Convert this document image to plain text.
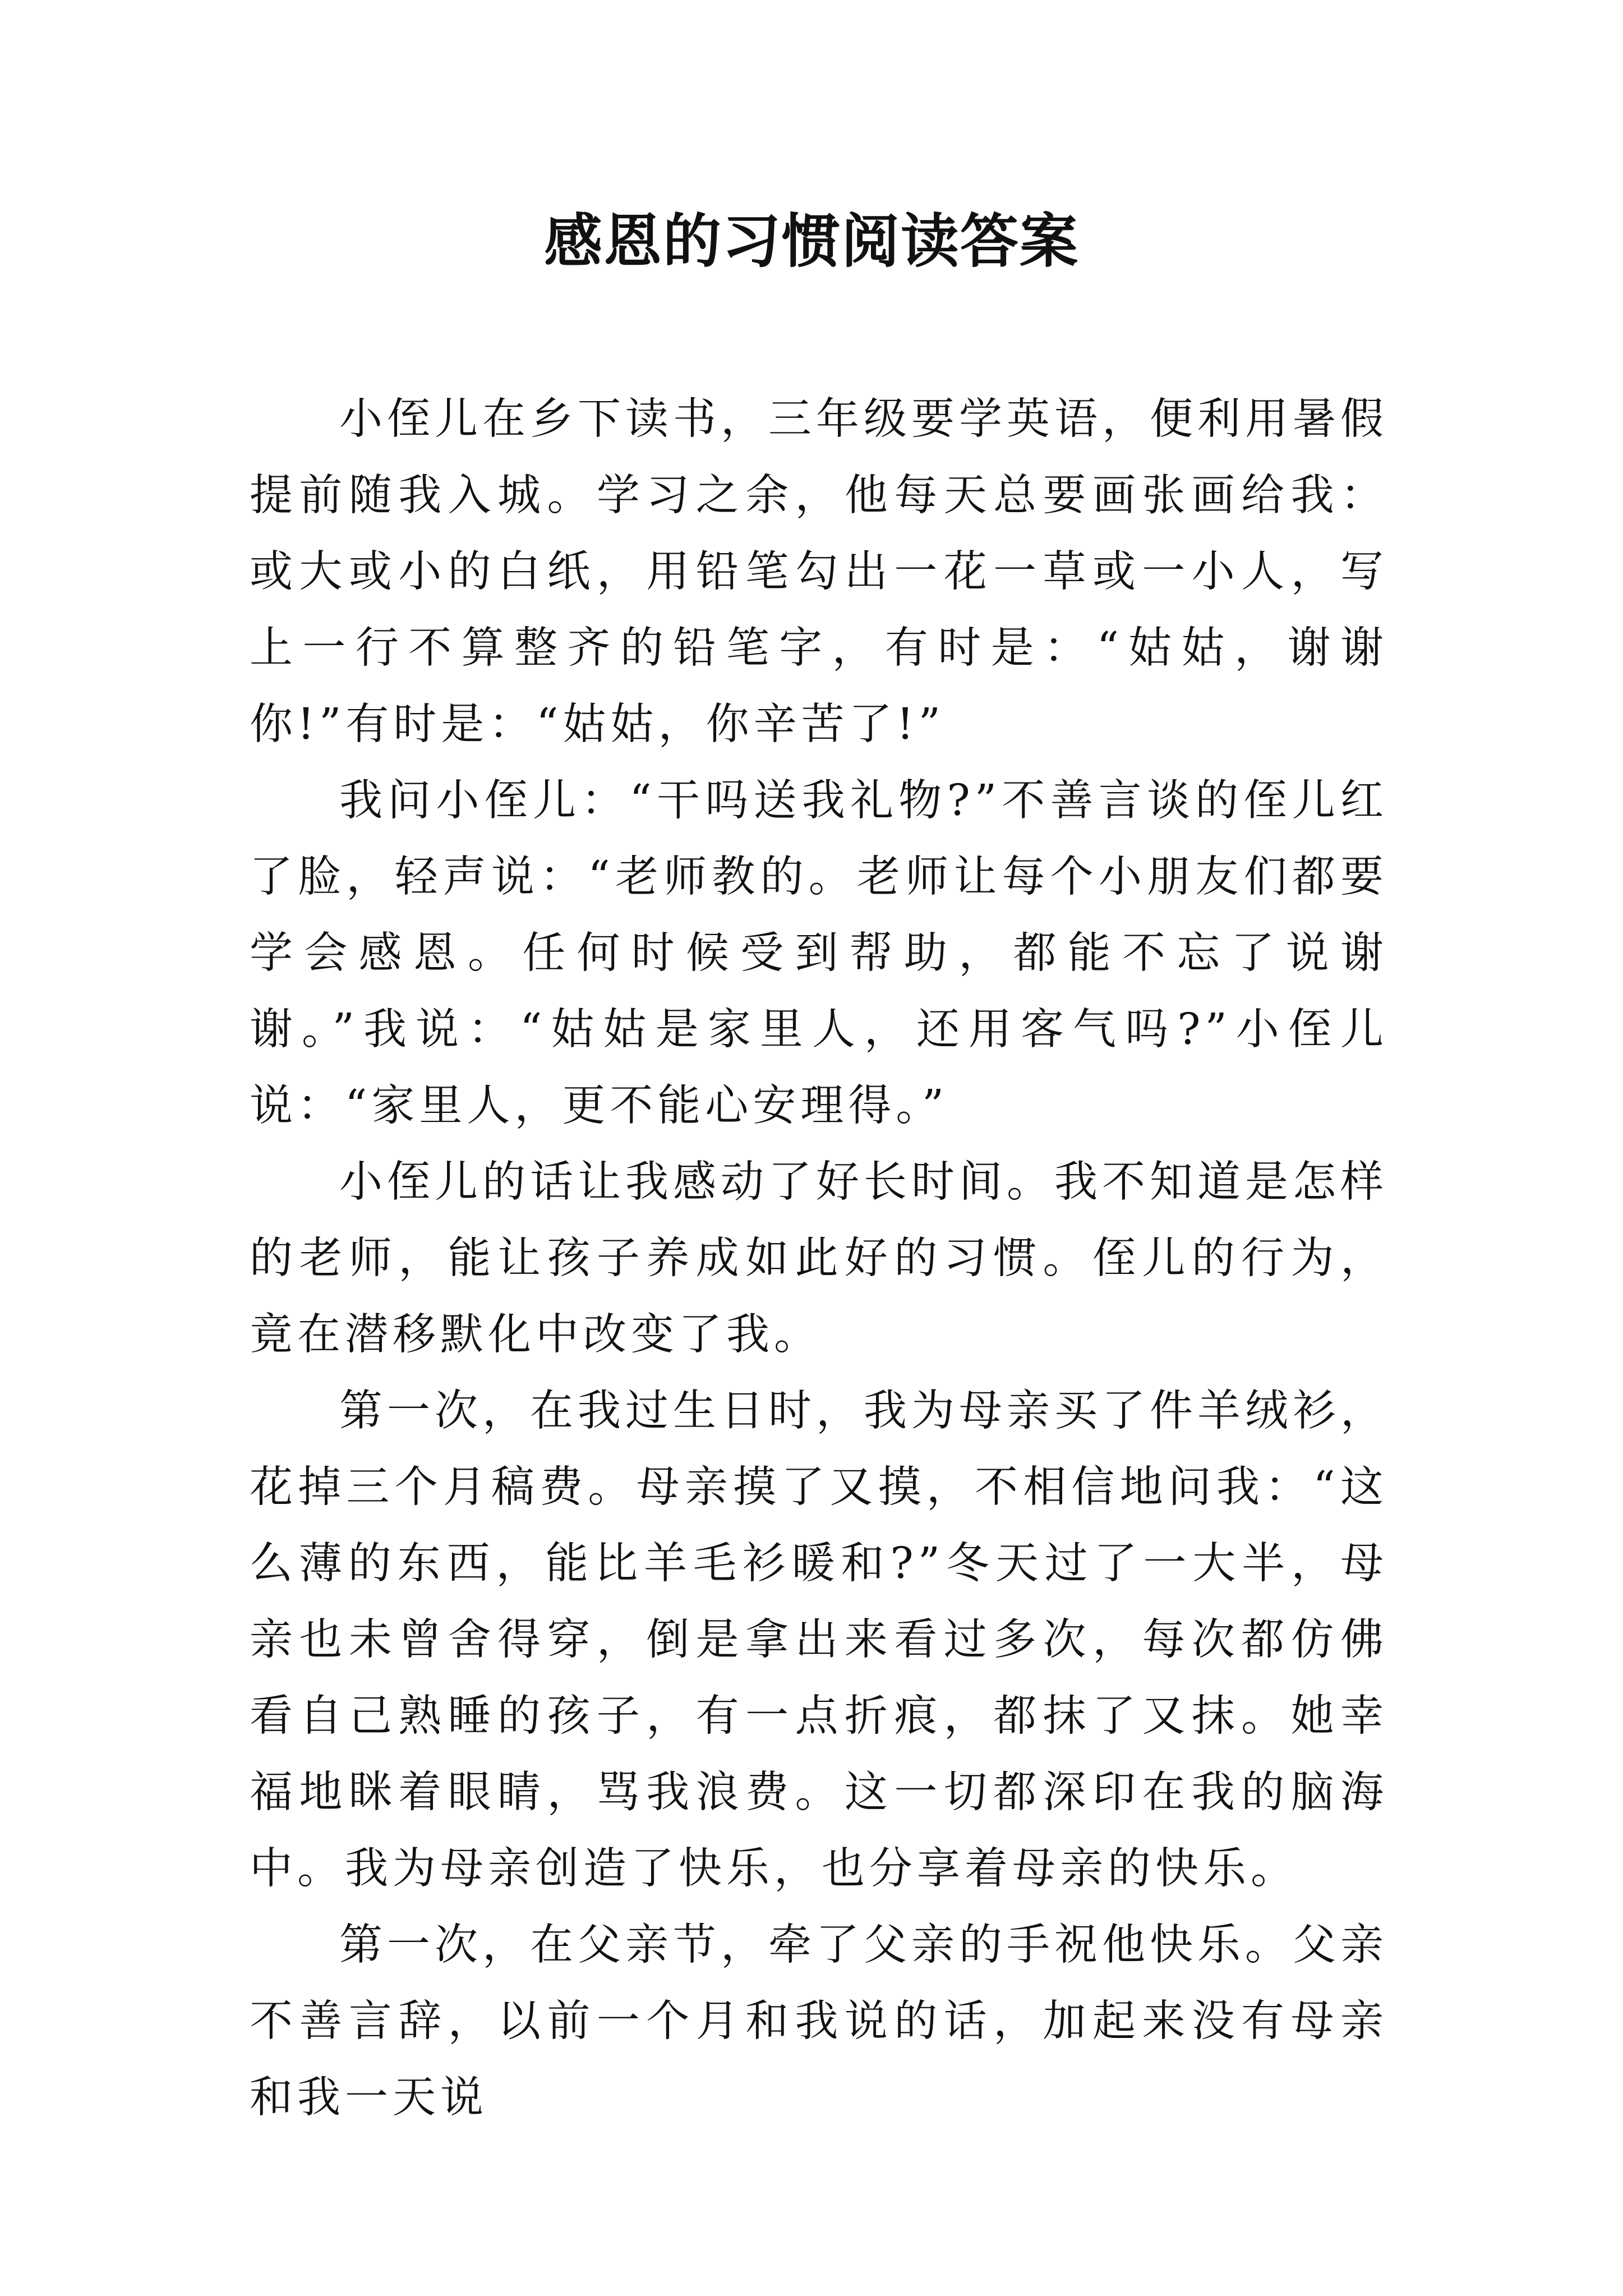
感恩的习惯阅读答案

小侄儿在乡下读书，三年级要学英语，便利用暑假提前随我入城。学习之余，他每天总要画张画给我：或大或小的白纸，用铅笔勾出一花一草或一小人，写上一行不算整齐的铅笔字，有时是：“姑姑，谢谢你!”有时是：“姑姑，你辛苦了!”

我问小侄儿：“干吗送我礼物?”不善言谈的侄儿红了脸，轻声说：“老师教的。老师让每个小朋友们都要学会感恩。任何时候受到帮助，都能不忘了说谢谢。”我说：“姑姑是家里人，还用客气吗?”小侄儿说：“家里人，更不能心安理得。”

小侄儿的话让我感动了好长时间。我不知道是怎样的老师，能让孩子养成如此好的习惯。侄儿的行为，竟在潜移默化中改变了我。

第一次，在我过生日时，我为母亲买了件羊绒衫，花掉三个月稿费。母亲摸了又摸，不相信地问我：“这么薄的东西，能比羊毛衫暖和?”冬天过了一大半，母亲也未曾舍得穿，倒是拿出来看过多次，每次都仿佛看自己熟睡的孩子，有一点折痕，都抹了又抹。她幸福地眯着眼睛，骂我浪费。这一切都深印在我的脑海中。我为母亲创造了快乐，也分享着母亲的快乐。

第一次，在父亲节，牵了父亲的手祝他快乐。父亲不善言辞，以前一个月和我说的话，加起来没有母亲和我一天说
